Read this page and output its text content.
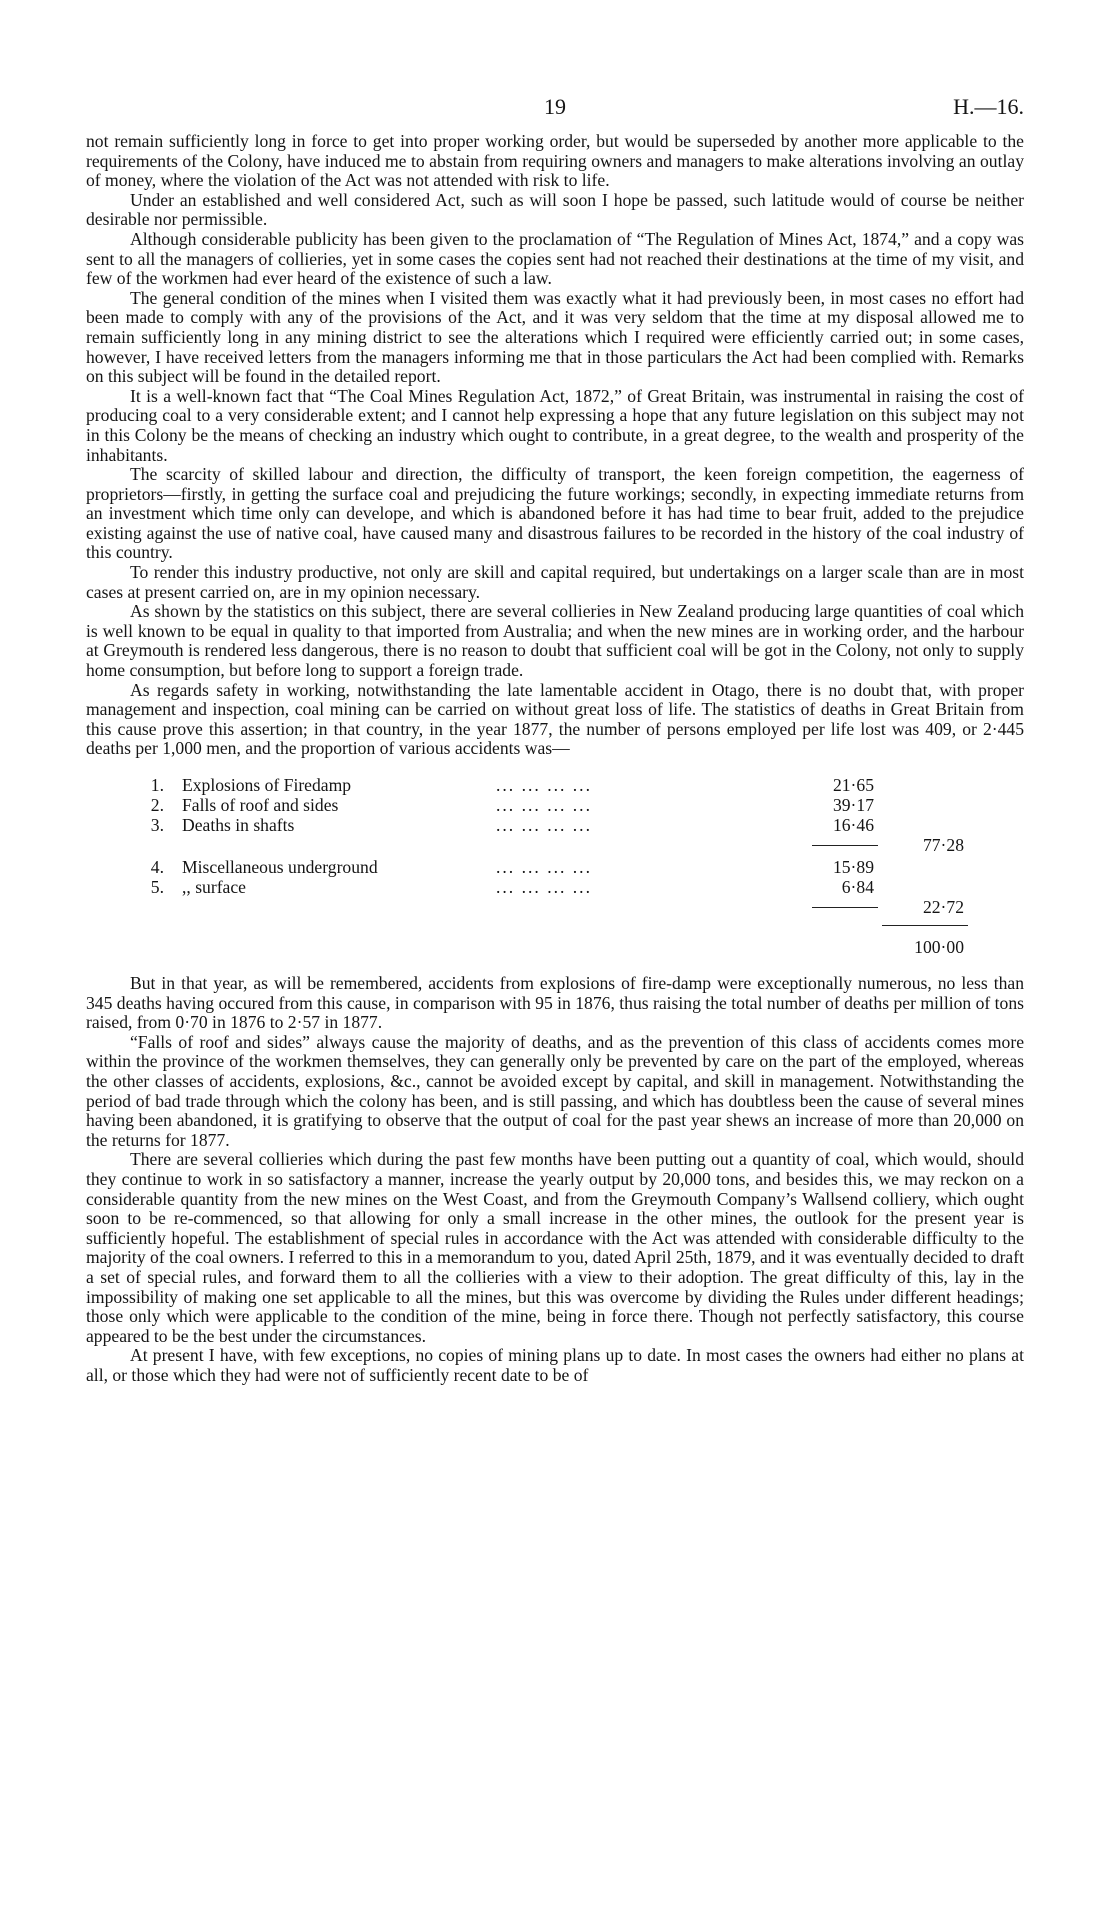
19	H.—16.

not remain sufficiently long in force to get into proper working order, but would be superseded by another more applicable to the requirements of the Colony, have induced me to abstain from requiring owners and managers to make alterations involving an outlay of money, where the violation of the Act was not attended with risk to life.

Under an established and well considered Act, such as will soon I hope be passed, such latitude would of course be neither desirable nor permissible.

Although considerable publicity has been given to the proclamation of “The Regulation of Mines Act, 1874,” and a copy was sent to all the managers of collieries, yet in some cases the copies sent had not reached their destinations at the time of my visit, and few of the workmen had ever heard of the existence of such a law.

The general condition of the mines when I visited them was exactly what it had previously been, in most cases no effort had been made to comply with any of the provisions of the Act, and it was very seldom that the time at my disposal allowed me to remain sufficiently long in any mining district to see the alterations which I required were efficiently carried out; in some cases, however, I have received letters from the managers informing me that in those particulars the Act had been complied with. Remarks on this subject will be found in the detailed report.

It is a well-known fact that “The Coal Mines Regulation Act, 1872,” of Great Britain, was instrumental in raising the cost of producing coal to a very considerable extent; and I cannot help expressing a hope that any future legislation on this subject may not in this Colony be the means of checking an industry which ought to contribute, in a great degree, to the wealth and prosperity of the inhabitants.

The scarcity of skilled labour and direction, the difficulty of transport, the keen foreign competition, the eagerness of proprietors—firstly, in getting the surface coal and prejudicing the future workings; secondly, in expecting immediate returns from an investment which time only can develope, and which is abandoned before it has had time to bear fruit, added to the prejudice existing against the use of native coal, have caused many and disastrous failures to be recorded in the history of the coal industry of this country.

To render this industry productive, not only are skill and capital required, but undertakings on a larger scale than are in most cases at present carried on, are in my opinion necessary.

As shown by the statistics on this subject, there are several collieries in New Zealand producing large quantities of coal which is well known to be equal in quality to that imported from Australia; and when the new mines are in working order, and the harbour at Greymouth is rendered less dangerous, there is no reason to doubt that sufficient coal will be got in the Colony, not only to supply home consumption, but before long to support a foreign trade.

As regards safety in working, notwithstanding the late lamentable accident in Otago, there is no doubt that, with proper management and inspection, coal mining can be carried on without great loss of life. The statistics of deaths in Great Britain from this cause prove this assertion; in that country, in the year 1877, the number of persons employed per life lost was 409, or 2·445 deaths per 1,000 men, and the proportion of various accidents was—

1. Explosions of Firedamp	... ... ... ...	21·65
2. Falls of roof and sides	... ... ... ...	39·17
3. Deaths in shafts	... ... ... ...	16·46
77·28
4. Miscellaneous underground	... ... ... ...	15·89
5. ,, surface	... ... ... ...	6·84
22·72
100·00

But in that year, as will be remembered, accidents from explosions of fire-damp were exceptionally numerous, no less than 345 deaths having occured from this cause, in comparison with 95 in 1876, thus raising the total number of deaths per million of tons raised, from 0·70 in 1876 to 2·57 in 1877.

“Falls of roof and sides” always cause the majority of deaths, and as the prevention of this class of accidents comes more within the province of the workmen themselves, they can generally only be prevented by care on the part of the employed, whereas the other classes of accidents, explosions, &c., cannot be avoided except by capital, and skill in management. Notwithstanding the period of bad trade through which the colony has been, and is still passing, and which has doubtless been the cause of several mines having been abandoned, it is gratifying to observe that the output of coal for the past year shews an increase of more than 20,000 on the returns for 1877.

There are several collieries which during the past few months have been putting out a quantity of coal, which would, should they continue to work in so satisfactory a manner, increase the yearly output by 20,000 tons, and besides this, we may reckon on a considerable quantity from the new mines on the West Coast, and from the Greymouth Company’s Wallsend colliery, which ought soon to be re-commenced, so that allowing for only a small increase in the other mines, the outlook for the present year is sufficiently hopeful. The establishment of special rules in accordance with the Act was attended with considerable difficulty to the majority of the coal owners. I referred to this in a memorandum to you, dated April 25th, 1879, and it was eventually decided to draft a set of special rules, and forward them to all the collieries with a view to their adoption. The great difficulty of this, lay in the impossibility of making one set applicable to all the mines, but this was overcome by dividing the Rules under different headings; those only which were applicable to the condition of the mine, being in force there. Though not perfectly satisfactory, this course appeared to be the best under the circumstances.

At present I have, with few exceptions, no copies of mining plans up to date. In most cases the owners had either no plans at all, or those which they had were not of sufficiently recent date to be of
